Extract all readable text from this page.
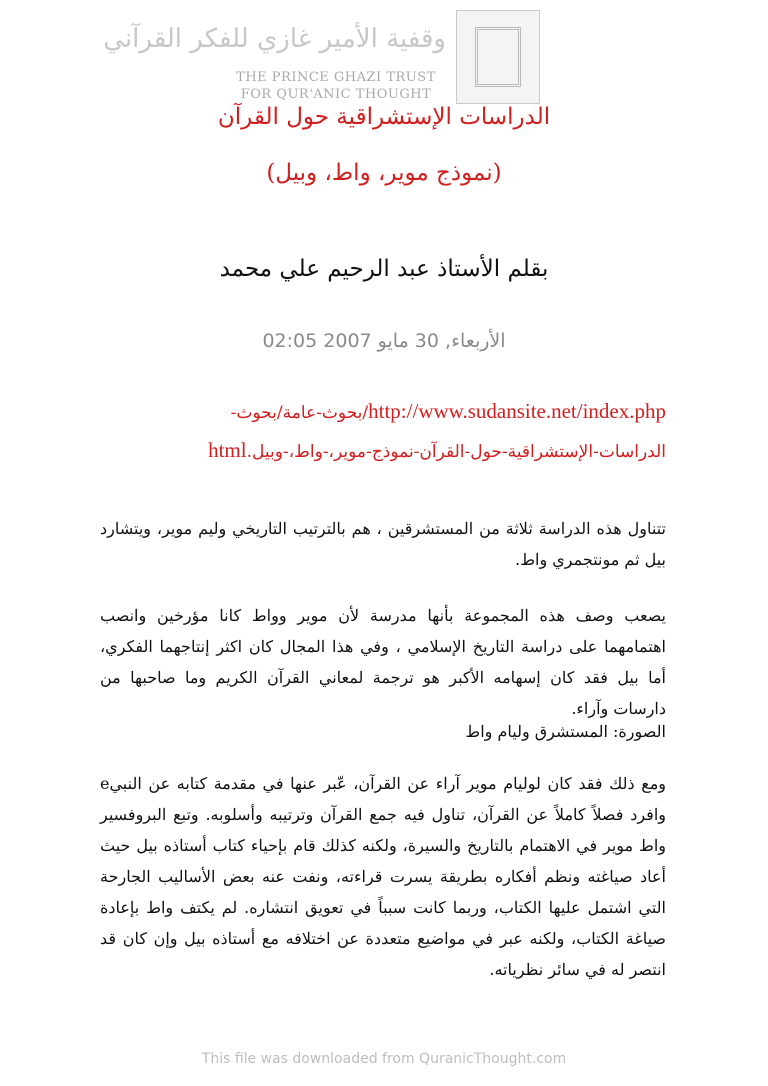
وقفية الأمير غازي للفكر القرآني
THE PRINCE GHAZI TRUST
FOR QUR'ANIC THOUGHT
الدراسات الإستشراقية حول القرآن
(نموذج موير، واط، وبيل)
بقلم الأستاذ عبد الرحيم علي محمد
الأربعاء, 30 مايو 2007 02:05
http://www.sudansite.net/index.php/بحوث-عامة/بحوث-
الدراسات-الإستشراقية-حول-القرآن-نموذج-موير،-واط،-وبيل.html
تتناول هذه الدراسة ثلاثة من المستشرقين ، هم بالترتيب التاريخي وليم موير، ويتشارد بيل ثم مونتجمري واط.
يصعب وصف هذه المجموعة بأنها مدرسة لأن موير وواط كانا مؤرخين وانصب اهتمامهما على دراسة التاريخ الإسلامي ، وفي هذا المجال كان اكثر إنتاجهما الفكري، أما بيل فقد كان إسهامه الأكبر هو ترجمة لمعاني القرآن الكريم وما صاحبها من دارسات وآراء.
الصورة: المستشرق وليام واط
ومع ذلك فقد كان لوليام موير آراء عن القرآن، عّبر عنها في مقدمة كتابه عن النبيe وافرد فصلاً كاملاً عن القرآن، تناول فيه جمع القرآن وترتيبه وأسلوبه. وتبع البروفسير واط موير في الاهتمام بالتاريخ والسيرة، ولكنه كذلك قام بإحياء كتاب أستاذه بيل حيث أعاد صياغته ونظم أفكاره بطريقة يسرت قراءته، ونفت عنه بعض الأساليب الجارحة التي اشتمل عليها الكتاب، وربما كانت سبباً في تعويق انتشاره. لم يكتف واط بإعادة صياغة الكتاب، ولكنه عبر في مواضيع متعددة عن اختلافه مع أستاذه بيل وإن كان قد انتصر له في سائر نظرياته.
This file was downloaded from QuranicThought.com
